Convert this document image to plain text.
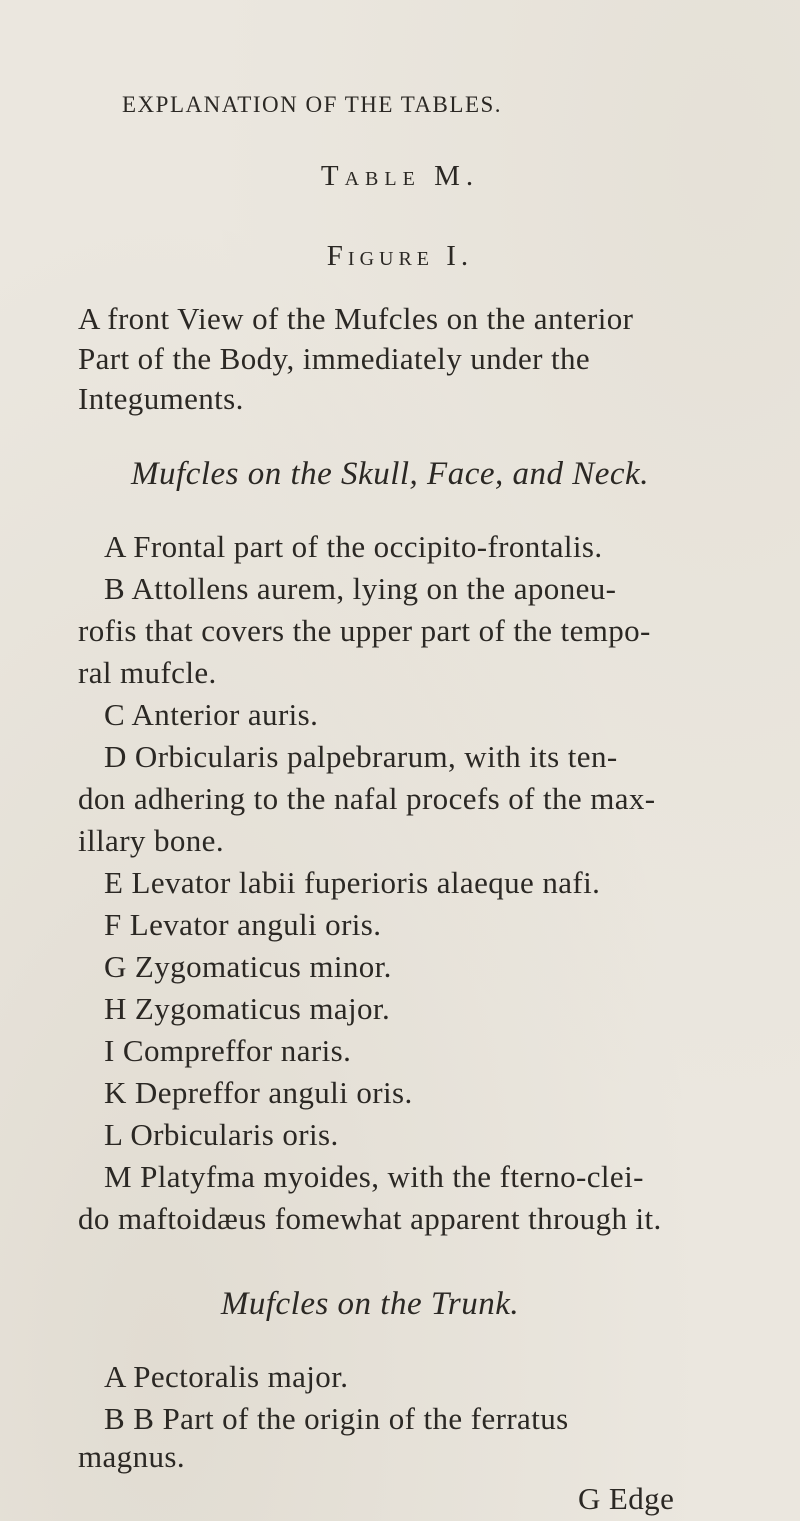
EXPLANATION OF THE TABLES.
Table M.
Figure I.
A front View of the Mufcles on the anterior
Part of the Body, immediately under the
Integuments.
Mufcles on the Skull, Face, and Neck.
A Frontal part of the occipito-frontalis.
B Attollens aurem, lying on the aponeu-
rofis that covers the upper part of the tempo-
ral mufcle.
C Anterior auris.
D Orbicularis palpebrarum, with its ten-
don adhering to the nafal procefs of the max-
illary bone.
E Levator labii fuperioris alaeque nafi.
F Levator anguli oris.
G Zygomaticus minor.
H Zygomaticus major.
I Compreffor naris.
K Depreffor anguli oris.
L Orbicularis oris.
M Platyfma myoides, with the fterno-clei-
do maftoidæus fomewhat apparent through it.
Mufcles on the Trunk.
A Pectoralis major.
B B Part of the origin of the ferratus
magnus.
G Edge
